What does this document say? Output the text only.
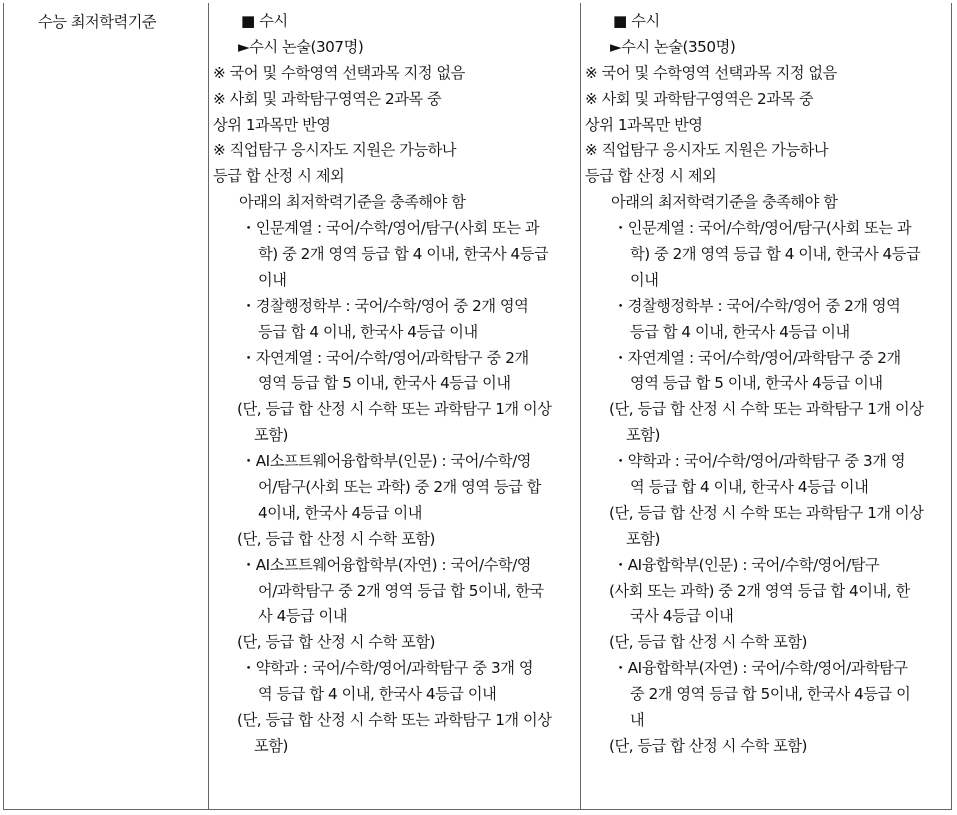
수능 최저학력기준	■ 수시
►수시 논술(307명)
※ 국어 및 수학영역 선택과목 지정 없음
※ 사회 및 과학탐구영역은 2과목 중
상위 1과목만 반영
※ 직업탐구 응시자도 지원은 가능하나
등급 합 산정 시 제외
아래의 최저학력기준을 충족해야 함
・인문계열 : 국어/수학/영어/탐구(사회 또는 과
학) 중 2개 영역 등급 합 4 이내, 한국사 4등급
이내
・경찰행정학부 : 국어/수학/영어 중 2개 영역
등급 합 4 이내, 한국사 4등급 이내
・자연계열 : 국어/수학/영어/과학탐구 중 2개
영역 등급 합 5 이내, 한국사 4등급 이내
(단, 등급 합 산정 시 수학 또는 과학탐구 1개 이상
포함)
・AI소프트웨어융합학부(인문) : 국어/수학/영
어/탐구(사회 또는 과학) 중 2개 영역 등급 합
4이내, 한국사 4등급 이내
(단, 등급 합 산정 시 수학 포함)
・AI소프트웨어융합학부(자연) : 국어/수학/영
어/과학탐구 중 2개 영역 등급 합 5이내, 한국
사 4등급 이내
(단, 등급 합 산정 시 수학 포함)
・약학과 : 국어/수학/영어/과학탐구 중 3개 영
역 등급 합 4 이내, 한국사 4등급 이내
(단, 등급 합 산정 시 수학 또는 과학탐구 1개 이상
포함)
■ 수시
►수시 논술(350명)
※ 국어 및 수학영역 선택과목 지정 없음
※ 사회 및 과학탐구영역은 2과목 중
상위 1과목만 반영
※ 직업탐구 응시자도 지원은 가능하나
등급 합 산정 시 제외
아래의 최저학력기준을 충족해야 함
・인문계열 : 국어/수학/영어/탐구(사회 또는 과
학) 중 2개 영역 등급 합 4 이내, 한국사 4등급
이내
・경찰행정학부 : 국어/수학/영어 중 2개 영역
등급 합 4 이내, 한국사 4등급 이내
・자연계열 : 국어/수학/영어/과학탐구 중 2개
영역 등급 합 5 이내, 한국사 4등급 이내
(단, 등급 합 산정 시 수학 또는 과학탐구 1개 이상
포함)
・약학과 : 국어/수학/영어/과학탐구 중 3개 영
역 등급 합 4 이내, 한국사 4등급 이내
(단, 등급 합 산정 시 수학 또는 과학탐구 1개 이상
포함)
・AI융합학부(인문) : 국어/수학/영어/탐구
(사회 또는 과학) 중 2개 영역 등급 합 4이내, 한
국사 4등급 이내
(단, 등급 합 산정 시 수학 포함)
・AI융합학부(자연) : 국어/수학/영어/과학탐구
중 2개 영역 등급 합 5이내, 한국사 4등급 이
내
(단, 등급 합 산정 시 수학 포함)
